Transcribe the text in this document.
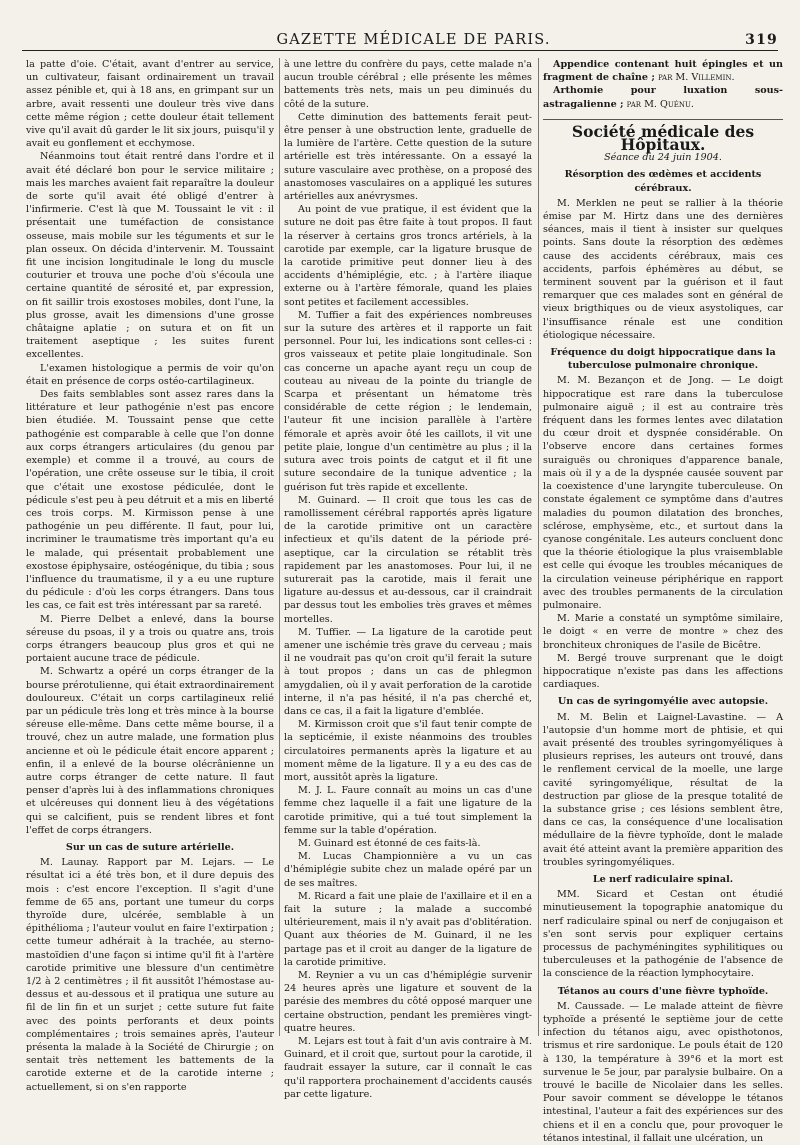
GAZETTE MÉDICALE DE PARIS.	319

la patte d'oie. C'était, avant d'entrer au service, un cultivateur, faisant ordinairement un travail assez pénible et, qui à 18 ans, en grimpant sur un arbre, avait ressenti une douleur très vive dans cette même région ; cette douleur était tellement vive qu'il avait dû garder le lit six jours, puisqu'il y avait eu gonflement et ecchymose.

Néanmoins tout était rentré dans l'ordre et il avait été déclaré bon pour le service militaire ; mais les marches avaient fait reparaître la douleur de sorte qu'il avait été obligé d'entrer à l'infirmerie. C'est là que M. Toussaint le vit : il présentait une tuméfaction de consistance osseuse, mais mobile sur les téguments et sur le plan osseux. On décida d'intervenir. M. Toussaint fit une incision longitudinale le long du muscle couturier et trouva une poche d'où s'écoula une certaine quantité de sérosité et, par expression, on fit saillir trois exostoses mobiles, dont l'une, la plus grosse, avait les dimensions d'une grosse châtaigne aplatie ; on sutura et on fit un traitement aseptique ; les suites furent excellentes.

L'examen histologique a permis de voir qu'on était en présence de corps ostéo-cartilagineux.

Des faits semblables sont assez rares dans la littérature et leur pathogénie n'est pas encore bien étudiée. M. Toussaint pense que cette pathogénie est comparable à celle que l'on donne aux corps étrangers articulaires (du genou par exemple) et comme il a trouvé, au cours de l'opération, une crête osseuse sur le tibia, il croit que c'était une exostose pédiculée, dont le pédicule s'est peu à peu détruit et a mis en liberté ces trois corps. M. Kirmisson pense à une pathogénie un peu différente. Il faut, pour lui, incriminer le traumatisme très important qu'a eu le malade, qui présentait probablement une exostose épiphysaire, ostéogénique, du tibia ; sous l'influence du traumatisme, il y a eu une rupture du pédicule : d'où les corps étrangers. Dans tous les cas, ce fait est très intéressant par sa rareté.

M. Pierre Delbet a enlevé, dans la bourse séreuse du psoas, il y a trois ou quatre ans, trois corps étrangers beaucoup plus gros et qui ne portaient aucune trace de pédicule.

M. Schwartz a opéré un corps étranger de la bourse prérotulienne, qui était extraordinairement douloureux. C'était un corps cartilagineux relié par un pédicule très long et très mince à la bourse séreuse elle-même. Dans cette même bourse, il a trouvé, chez un autre malade, une formation plus ancienne et où le pédicule était encore apparent ; enfin, il a enlevé de la bourse olécrânienne un autre corps étranger de cette nature. Il faut penser d'après lui à des inflammations chroniques et ulcéreuses qui donnent lieu à des végétations qui se calcifient, puis se rendent libres et font l'effet de corps étrangers.

Sur un cas de suture artérielle.

M. Launay. Rapport par M. Lejars. — Le résultat ici a été très bon, et il dure depuis des mois : c'est encore l'exception. Il s'agit d'une femme de 65 ans, portant une tumeur du corps thyroïde dure, ulcérée, semblable à un épithélioma ; l'auteur voulut en faire l'extirpation ; cette tumeur adhérait à la trachée, au sterno-mastoïdien d'une façon si intime qu'il fit à l'artère carotide primitive une blessure d'un centimètre 1/2 à 2 centimètres ; il fit aussitôt l'hémostase au-dessus et au-dessous et il pratiqua une suture au fil de lin fin et un surjet ; cette suture fut faite avec des points perforants et deux points complémentaires ; trois semaines après, l'auteur présenta la malade à la Société de Chirurgie ; on sentait très nettement les battements de la carotide externe et de la carotide interne ; actuellement, si on s'en rapporte

à une lettre du confrère du pays, cette malade n'a aucun trouble cérébral ; elle présente les mêmes battements très nets, mais un peu diminués du côté de la suture.

Cette diminution des battements ferait peut-être penser à une obstruction lente, graduelle de la lumière de l'artère. Cette question de la suture artérielle est très intéressante. On a essayé la suture vasculaire avec prothèse, on a proposé des anastomoses vasculaires on a appliqué les sutures artérielles aux anévrysmes.

Au point de vue pratique, il est évident que la suture ne doit pas être faite à tout propos. Il faut la réserver à certains gros troncs artériels, à la carotide par exemple, car la ligature brusque de la carotide primitive peut donner lieu à des accidents d'hémiplégie, etc. ; à l'artère iliaque externe ou à l'artère fémorale, quand les plaies sont petites et facilement accessibles.

M. Tuffier a fait des expériences nombreuses sur la suture des artères et il rapporte un fait personnel. Pour lui, les indications sont celles-ci : gros vaisseaux et petite plaie longitudinale. Son cas concerne un apache ayant reçu un coup de couteau au niveau de la pointe du triangle de Scarpa et présentant un hématome très considérable de cette région ; le lendemain, l'auteur fit une incision parallèle à l'artère fémorale et après avoir ôté les caillots, il vit une petite plaie, longue d'un centimètre au plus ; il la sutura avec trois points de catgut et il fit une suture secondaire de la tunique adventice ; la guérison fut très rapide et excellente.

M. Guinard. — Il croit que tous les cas de ramollissement cérébral rapportés après ligature de la carotide primitive ont un caractère infectieux et qu'ils datent de la période pré-aseptique, car la circulation se rétablit très rapidement par les anastomoses. Pour lui, il ne suturerait pas la carotide, mais il ferait une ligature au-dessus et au-dessous, car il craindrait par dessus tout les embolies très graves et mêmes mortelles.

M. Tuffier. — La ligature de la carotide peut amener une ischémie très grave du cerveau ; mais il ne voudrait pas qu'on croit qu'il ferait la suture à tout propos ; dans un cas de phlegmon amygdalien, où il y avait perforation de la carotide interne, il n'a pas hésité, il n'a pas cherché et, dans ce cas, il a fait la ligature d'emblée.

M. Kirmisson croit que s'il faut tenir compte de la septicémie, il existe néanmoins des troubles circulatoires permanents après la ligature et au moment même de la ligature. Il y a eu des cas de mort, aussitôt après la ligature.

M. J. L. Faure connaît au moins un cas d'une femme chez laquelle il a fait une ligature de la carotide primitive, qui a tué tout simplement la femme sur la table d'opération.

M. Guinard est étonné de ces faits-là.

M. Lucas Championnière a vu un cas d'hémiplégie subite chez un malade opéré par un de ses maîtres.

M. Ricard a fait une plaie de l'axillaire et il en a fait la suture ; la malade a succombé ultérieurement, mais il n'y avait pas d'oblitération. Quant aux théories de M. Guinard, il ne les partage pas et il croit au danger de la ligature de la carotide primitive.

M. Reynier a vu un cas d'hémiplégie survenir 24 heures après une ligature et souvent de la parésie des membres du côté opposé marquer une certaine obstruction, pendant les premières vingt-quatre heures.

M. Lejars est tout à fait d'un avis contraire à M. Guinard, et il croit que, surtout pour la carotide, il faudrait essayer la suture, car il connaît le cas qu'il rapportera prochainement d'accidents causés par cette ligature.

Appendice contenant huit épingles et un fragment de chaîne ; par M. Villemin.

Arthomie pour luxation sous-astragalienne ; par M. Quénu.

Société médicale des Hôpitaux.
Séance du 24 juin 1904.

Résorption des œdèmes et accidents cérébraux.

M. Merklen ne peut se rallier à la théorie émise par M. Hirtz dans une des dernières séances, mais il tient à insister sur quelques points. Sans doute la résorption des œdèmes cause des accidents cérébraux, mais ces accidents, parfois éphémères au début, se terminent souvent par la guérison et il faut remarquer que ces malades sont en général de vieux brigthiques ou de vieux asystoliques, car l'insuffisance rénale est une condition étiologique nécessaire.

Fréquence du doigt hippocratique dans la tuberculose pulmonaire chronique.

M. M. Bezançon et de Jong. — Le doigt hippocratique est rare dans la tuberculose pulmonaire aiguë ; il est au contraire très fréquent dans les formes lentes avec dilatation du cœur droit et dyspnée considérable. On l'observe encore dans certaines formes suraiguës ou chroniques d'apparence banale, mais où il y a de la dyspnée causée souvent par la coexistence d'une laryngite tuberculeuse. On constate également ce symptôme dans d'autres maladies du poumon dilatation des bronches, sclérose, emphysème, etc., et surtout dans la cyanose congénitale. Les auteurs concluent donc que la théorie étiologique la plus vraisemblable est celle qui évoque les troubles mécaniques de la circulation veineuse périphérique en rapport avec des troubles permanents de la circulation pulmonaire.

M. Marie a constaté un symptôme similaire, le doigt « en verre de montre » chez des bronchiteux chroniques de l'asile de Bicêtre.

M. Bergé trouve surprenant que le doigt hippocratique n'existe pas dans les affections cardiaques.

Un cas de syringomyélie avec autopsie.

M. M. Belin et Laignel-Lavastine. — A l'autopsie d'un homme mort de phtisie, et qui avait présenté des troubles syringomyéliques à plusieurs reprises, les auteurs ont trouvé, dans le renflement cervical de la moelle, une large cavité syringomyélique, résultat de la destruction par gliose de la presque totalité de la substance grise ; ces lésions semblent être, dans ce cas, la conséquence d'une localisation médullaire de la fièvre typhoïde, dont le malade avait été atteint avant la première apparition des troubles syringomyéliques.

Le nerf radiculaire spinal.

MM. Sicard et Cestan ont étudié minutieusement la topographie anatomique du nerf radiculaire spinal ou nerf de conjugaison et s'en sont servis pour expliquer certains processus de pachyméningites syphilitiques ou tuberculeuses et la pathogénie de l'absence de la conscience de la réaction lymphocytaire.

Tétanos au cours d'une fièvre typhoïde.

M. Caussade. — Le malade atteint de fièvre typhoïde a présenté le septième jour de cette infection du tétanos aigu, avec opisthotonos, trismus et rire sardonique. Le pouls était de 120 à 130, la température à 39°6 et la mort est survenue le 5e jour, par paralysie bulbaire. On a trouvé le bacille de Nicolaier dans les selles. Pour savoir comment se développe le tétanos intestinal, l'auteur a fait des expériences sur des chiens et il en a conclu que, pour provoquer le tétanos intestinal, il fallait une ulcération, un
